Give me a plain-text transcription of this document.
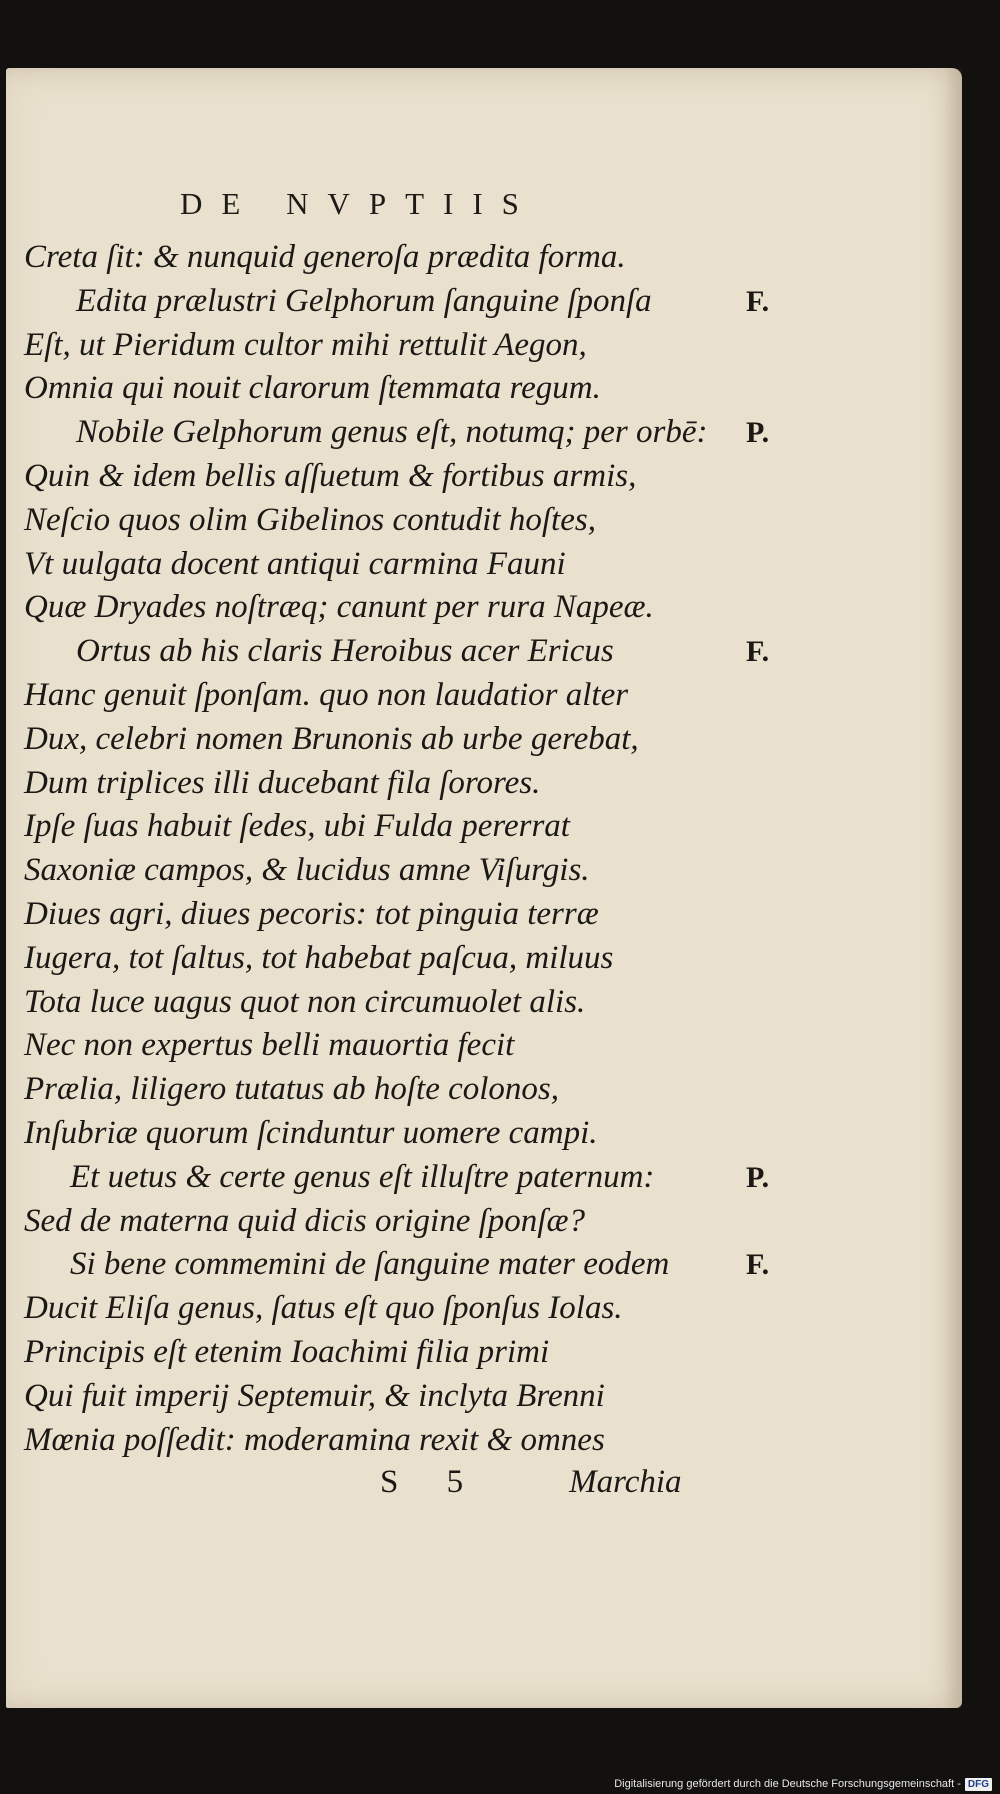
DE NVPTIIS
Creta ſit: & nunquid generoſa prædita forma.
Edita prælustri Gelphorum ſanguine ſponſa	F.
Eſt, ut Pieridum cultor mihi rettulit Aegon,
Omnia qui nouit clarorum ſtemmata regum.
Nobile Gelphorum genus eſt, notumq; per orbē: P.
Quin & idem bellis aſſuetum & fortibus armis,
Neſcio quos olim Gibelinos contudit hoſtes,
Vt uulgata docent antiqui carmina Fauni
Quæ Dryades noſtræq; canunt per rura Napeæ.
Ortus ab his claris Heroibus acer Ericus	F.
Hanc genuit ſponſam. quo non laudatior alter
Dux, celebri nomen Brunonis ab urbe gerebat,
Dum triplices illi ducebant fila ſorores.
Ipſe ſuas habuit ſedes, ubi Fulda pererrat
Saxoniæ campos, & lucidus amne Viſurgis.
Diues agri, diues pecoris: tot pinguia terræ
Iugera, tot ſaltus, tot habebat paſcua, miluus
Tota luce uagus quot non circumuolet alis.
Nec non expertus belli mauortia fecit
Prælia, liligero tutatus ab hoſte colonos,
Inſubriæ quorum ſcinduntur uomere campi.
Et uetus & certe genus eſt illuſtre paternum:	P.
Sed de materna quid dicis origine ſponſæ?
Si bene commemini de ſanguine mater eodem	F.
Ducit Eliſa genus, ſatus eſt quo ſponſus Iolas.
Principis eſt etenim Ioachimi filia primi
Qui fuit imperij Septemuir, & inclyta Brenni
Mœnia poſſedit: moderamina rexit & omnes
S 5	Marchia
Digitalisierung gefördert durch die Deutsche Forschungsgemeinschaft - DFG
